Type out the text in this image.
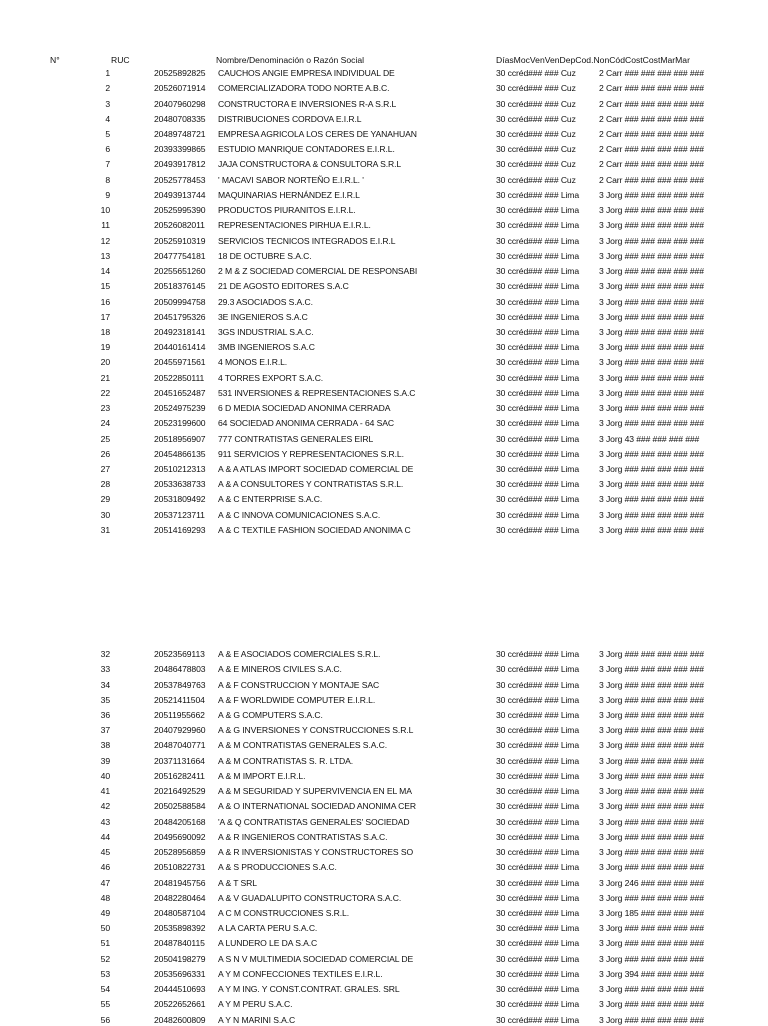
N°	RUC	Nombre/Denominación o Razón Social	DíasMocVenVenDepCod.NonCódCostCostMarMar
1	20525892825	CAUCHOS ANGIE EMPRESA INDIVIDUAL DE	30 ccréd### ### Cuz	2 Carr ### ### ### ### ###
2	20526071914	COMERCIALIZADORA TODO NORTE A.B.C.	30 ccréd### ### Cuz	2 Carr ### ### ### ### ###
3	20407960298	CONSTRUCTORA E INVERSIONES R-A S.R.L	30 ccréd### ### Cuz	2 Carr ### ### ### ### ###
4	20480708335	DISTRIBUCIONES CORDOVA E.I.R.L	30 ccréd### ### Cuz	2 Carr ### ### ### ### ###
5	20489748721	EMPRESA AGRICOLA LOS CERES DE YANAHUAN	30 ccréd### ### Cuz	2 Carr ### ### ### ### ###
6	20393399865	ESTUDIO MANRIQUE CONTADORES E.I.R.L.	30 ccréd### ### Cuz	2 Carr ### ### ### ### ###
7	20493917812	JAJA CONSTRUCTORA & CONSULTORA S.R.L	30 ccréd### ### Cuz	2 Carr ### ### ### ### ###
8	20525778453	' MACAVI SABOR NORTEÑO E.I.R.L. '	30 ccréd### ### Cuz	2 Carr ### ### ### ### ###
9	20493913744	MAQUINARIAS HERNÁNDEZ E.I.R.L	30 ccréd### ### Lima	3 Jorg ### ### ### ### ###
10	20525995390	PRODUCTOS PIURANITOS E.I.R.L.	30 ccréd### ### Lima	3 Jorg ### ### ### ### ###
11	20526082011	REPRESENTACIONES PIRHUA E.I.R.L.	30 ccréd### ### Lima	3 Jorg ### ### ### ### ###
12	20525910319	SERVICIOS TECNICOS INTEGRADOS E.I.R.L	30 ccréd### ### Lima	3 Jorg ### ### ### ### ###
13	20477754181	18 DE OCTUBRE S.A.C.	30 ccréd### ### Lima	3 Jorg ### ### ### ### ###
14	20255651260	2 M & Z SOCIEDAD COMERCIAL DE RESPONSABI	30 ccréd### ### Lima	3 Jorg ### ### ### ### ###
15	20518376145	21 DE AGOSTO EDITORES S.A.C	30 ccréd### ### Lima	3 Jorg ### ### ### ### ###
16	20509994758	29.3 ASOCIADOS S.A.C.	30 ccréd### ### Lima	3 Jorg ### ### ### ### ###
17	20451795326	3E INGENIEROS S.A.C	30 ccréd### ### Lima	3 Jorg ### ### ### ### ###
18	20492318141	3GS INDUSTRIAL S.A.C.	30 ccréd### ### Lima	3 Jorg ### ### ### ### ###
19	20440161414	3MB INGENIEROS S.A.C	30 ccréd### ### Lima	3 Jorg ### ### ### ### ###
20	20455971561	4 MONOS E.I.R.L.	30 ccréd### ### Lima	3 Jorg ### ### ### ### ###
21	20522850111	4 TORRES EXPORT S.A.C.	30 ccréd### ### Lima	3 Jorg ### ### ### ### ###
22	20451652487	531 INVERSIONES & REPRESENTACIONES S.A.C	30 ccréd### ### Lima	3 Jorg ### ### ### ### ###
23	20524975239	6 D MEDIA SOCIEDAD ANONIMA CERRADA	30 ccréd### ### Lima	3 Jorg ### ### ### ### ###
24	20523199600	64 SOCIEDAD ANONIMA CERRADA - 64 SAC	30 ccréd### ### Lima	3 Jorg ### ### ### ### ###
25	20518956907	777 CONTRATISTAS GENERALES EIRL	30 ccréd### ### Lima	3 Jorg 43 ### ### ### ###
26	20454866135	911 SERVICIOS Y REPRESENTACIONES S.R.L.	30 ccréd### ### Lima	3 Jorg ### ### ### ### ###
27	20510212313	A & A ATLAS IMPORT SOCIEDAD COMERCIAL DE	30 ccréd### ### Lima	3 Jorg ### ### ### ### ###
28	20533638733	A & A CONSULTORES Y CONTRATISTAS S.R.L.	30 ccréd### ### Lima	3 Jorg ### ### ### ### ###
29	20531809492	A & C ENTERPRISE S.A.C.	30 ccréd### ### Lima	3 Jorg ### ### ### ### ###
30	20537123711	A & C INNOVA COMUNICACIONES S.A.C.	30 ccréd### ### Lima	3 Jorg ### ### ### ### ###
31	20514169293	A & C TEXTILE FASHION SOCIEDAD ANONIMA C	30 ccréd### ### Lima	3 Jorg ### ### ### ### ###
32	20523569113	A & E ASOCIADOS COMERCIALES S.R.L.	30 ccréd### ### Lima	3 Jorg ### ### ### ### ###
33	20486478803	A & E MINEROS CIVILES S.A.C.	30 ccréd### ### Lima	3 Jorg ### ### ### ### ###
34	20537849763	A & F CONSTRUCCION Y MONTAJE SAC	30 ccréd### ### Lima	3 Jorg ### ### ### ### ###
35	20521411504	A & F WORLDWIDE COMPUTER E.I.R.L.	30 ccréd### ### Lima	3 Jorg ### ### ### ### ###
36	20511955662	A & G COMPUTERS S.A.C.	30 ccréd### ### Lima	3 Jorg ### ### ### ### ###
37	20407929960	A & G INVERSIONES Y CONSTRUCCIONES S.R.L	30 ccréd### ### Lima	3 Jorg ### ### ### ### ###
38	20487040771	A & M CONTRATISTAS GENERALES S.A.C.	30 ccréd### ### Lima	3 Jorg ### ### ### ### ###
39	20371131664	A & M CONTRATISTAS S. R. LTDA.	30 ccréd### ### Lima	3 Jorg ### ### ### ### ###
40	20516282411	A & M IMPORT E.I.R.L.	30 ccréd### ### Lima	3 Jorg ### ### ### ### ###
41	20216492529	A & M SEGURIDAD Y SUPERVIVENCIA EN EL MA	30 ccréd### ### Lima	3 Jorg ### ### ### ### ###
42	20502588584	A & O INTERNATIONAL SOCIEDAD ANONIMA CER	30 ccréd### ### Lima	3 Jorg ### ### ### ### ###
43	20484205168	'A & Q CONTRATISTAS GENERALES' SOCIEDAD	30 ccréd### ### Lima	3 Jorg ### ### ### ### ###
44	20495690092	A & R INGENIEROS CONTRATISTAS S.A.C.	30 ccréd### ### Lima	3 Jorg ### ### ### ### ###
45	20528956859	A & R INVERSIONISTAS Y CONSTRUCTORES SO	30 ccréd### ### Lima	3 Jorg ### ### ### ### ###
46	20510822731	A & S PRODUCCIONES S.A.C.	30 ccréd### ### Lima	3 Jorg ### ### ### ### ###
47	20481945756	A & T SRL	30 ccréd### ### Lima	3 Jorg 246 ### ### ### ###
48	20482280464	A & V GUADALUPITO CONSTRUCTORA S.A.C.	30 ccréd### ### Lima	3 Jorg ### ### ### ### ###
49	20480587104	A C M CONSTRUCCIONES S.R.L.	30 ccréd### ### Lima	3 Jorg 185 ### ### ### ###
50	20535898392	A LA CARTA PERU S.A.C.	30 ccréd### ### Lima	3 Jorg ### ### ### ### ###
51	20487840115	A LUNDERO LE DA S.A.C	30 ccréd### ### Lima	3 Jorg ### ### ### ### ###
52	20504198279	A S N V MULTIMEDIA SOCIEDAD COMERCIAL DE	30 ccréd### ### Lima	3 Jorg ### ### ### ### ###
53	20535696331	A Y M CONFECCIONES TEXTILES E.I.R.L.	30 ccréd### ### Lima	3 Jorg 394 ### ### ### ###
54	20444510693	A Y M ING. Y CONST.CONTRAT. GRALES. SRL	30 ccréd### ### Lima	3 Jorg ### ### ### ### ###
55	20522652661	A Y M PERU S.A.C.	30 ccréd### ### Lima	3 Jorg ### ### ### ### ###
56	20482600809	A Y N MARINI S.A.C	30 ccréd### ### Lima	3 Jorg ### ### ### ### ###
